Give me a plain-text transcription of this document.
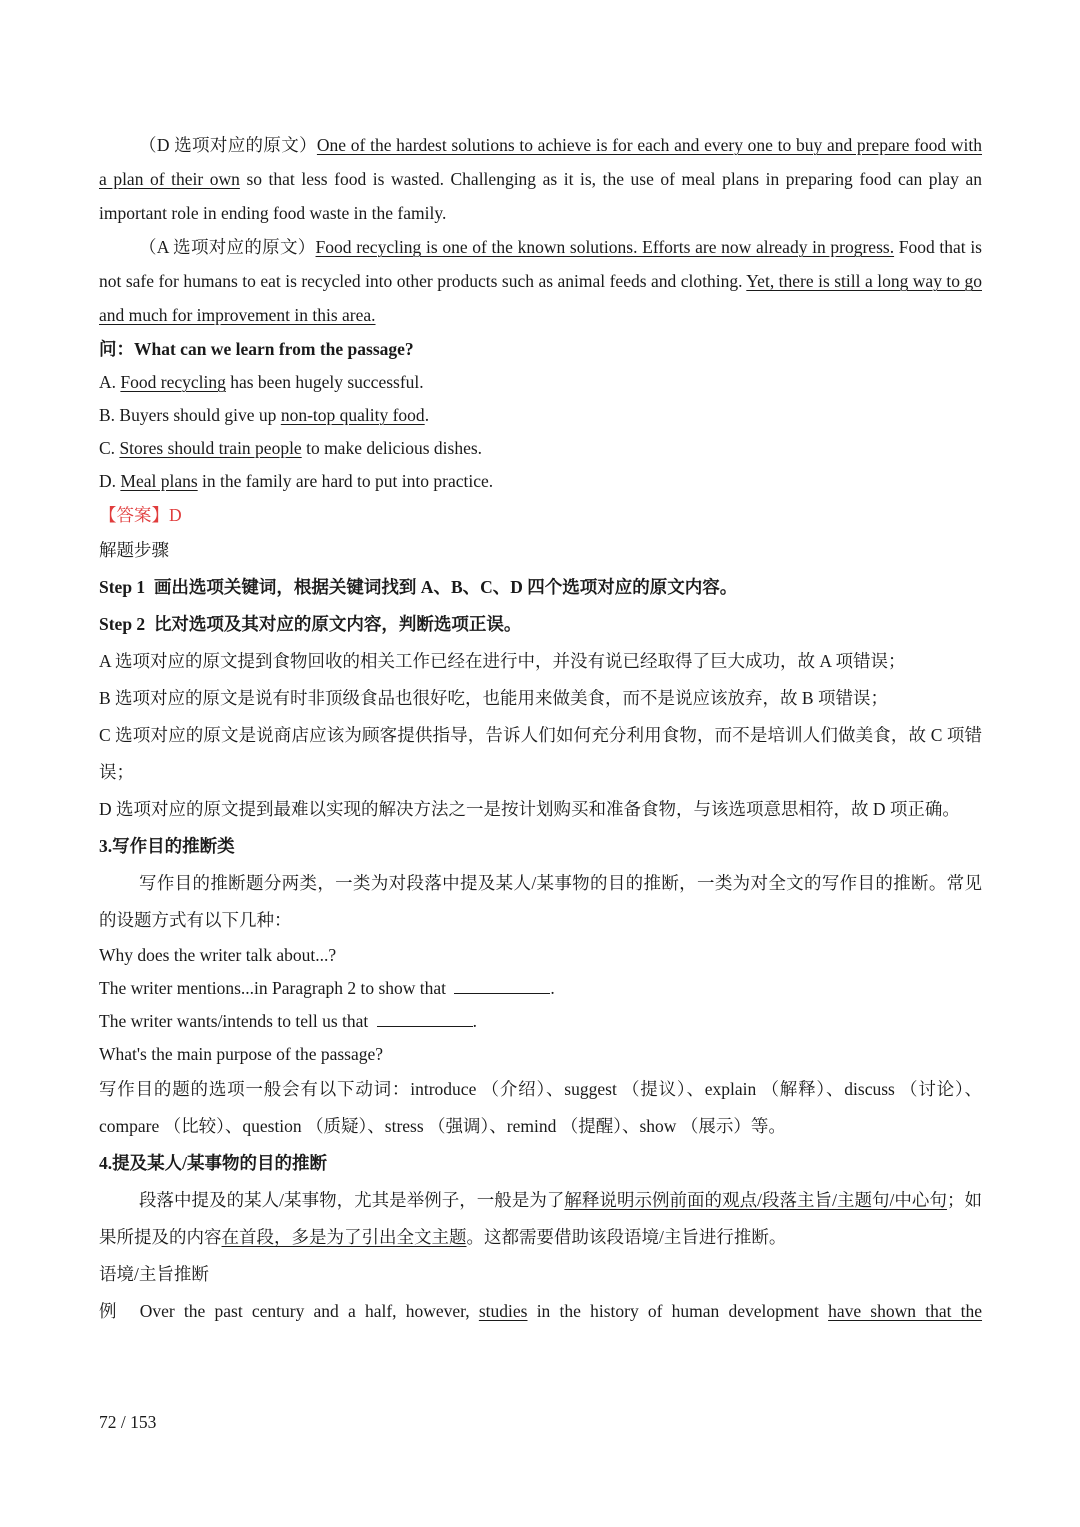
（D 选项对应的原文）One of the hardest solutions to achieve is for each and every one to buy and prepare food with a plan of their own so that less food is wasted. Challenging as it is, the use of meal plans in preparing food can play an important role in ending food waste in the family.

（A 选项对应的原文）Food recycling is one of the known solutions. Efforts are now already in progress. Food that is not safe for humans to eat is recycled into other products such as animal feeds and clothing. Yet, there is still a long way to go and much for improvement in this area.

问：What can we learn from the passage?

A. Food recycling has been hugely successful.

B. Buyers should give up non-top quality food.

C. Stores should train people to make delicious dishes.

D. Meal plans in the family are hard to put into practice.

【答案】D

解题步骤

Step 1 画出选项关键词，根据关键词找到 A、B、C、D 四个选项对应的原文内容。

Step 2 比对选项及其对应的原文内容，判断选项正误。

A 选项对应的原文提到食物回收的相关工作已经在进行中，并没有说已经取得了巨大成功，故 A 项错误；

B 选项对应的原文是说有时非顶级食品也很好吃，也能用来做美食，而不是说应该放弃，故 B 项错误；

C 选项对应的原文是说商店应该为顾客提供指导，告诉人们如何充分利用食物，而不是培训人们做美食，故 C 项错误；

D 选项对应的原文提到最难以实现的解决方法之一是按计划购买和准备食物，与该选项意思相符，故 D 项正确。

3.写作目的推断类

写作目的推断题分两类，一类为对段落中提及某人/某事物的目的推断，一类为对全文的写作目的推断。常见的设题方式有以下几种：

Why does the writer talk about...?

The writer mentions...in Paragraph 2 to show that	.

The writer wants/intends to tell us that	.

What's the main purpose of the passage?

写作目的题的选项一般会有以下动词：introduce （介绍）、suggest （提议）、explain （解释）、discuss （讨论）、compare （比较）、question （质疑）、stress （强调）、remind （提醒）、show （展示）等。

4.提及某人/某事物的目的推断

段落中提及的某人/某事物，尤其是举例子，一般是为了解释说明示例前面的观点/段落主旨/主题句/中心句；如果所提及的内容在首段，多是为了引出全文主题。这都需要借助该段语境/主旨进行推断。

语境/主旨推断

例 Over the past century and a half, however, studies in the history of human development have shown that the

72 / 153
